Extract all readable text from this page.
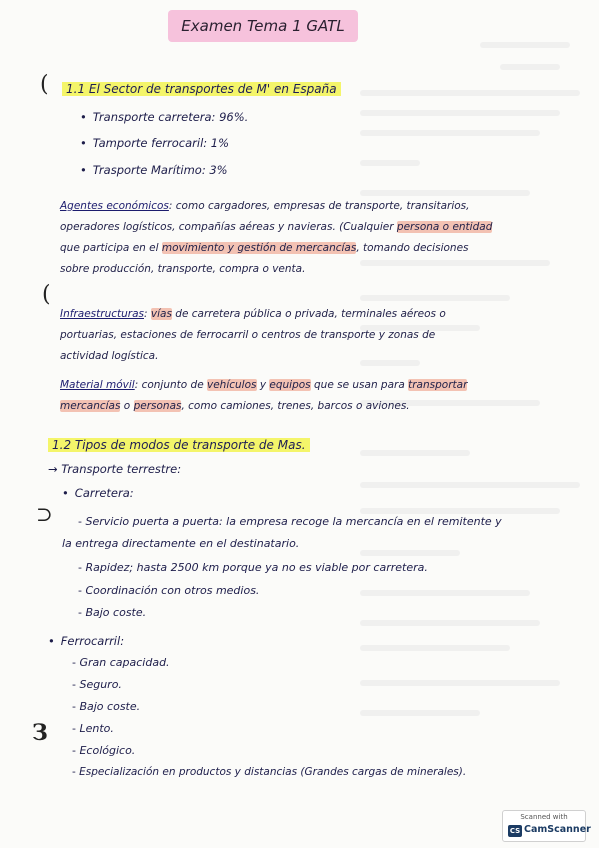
Examen Tema 1 GATL
(	1.1 El Sector de transportes de M' en España
• Transporte carretera: 96%.
• Tamporte ferrocaril: 1%
• Trasporte Marítimo: 3%
Agentes económicos: como cargadores, empresas de transporte, transitarios,
operadores logísticos, compañías aéreas y navieras. (Cualquier persona o entidad
que participa en el movimiento y gestión de mercancías, tomando decisiones
sobre producción, transporte, compra o venta.
(
Infraestructuras: vías de carretera pública o privada, terminales aéreos o
portuarias, estaciones de ferrocarril o centros de transporte y zonas de
actividad logística.
Material móvil: conjunto de vehículos y equipos que se usan para transportar
mercancías o personas, como camiones, trenes, barcos o aviones.
1.2 Tipos de modos de transporte de Mas.
→ Transporte terrestre:
• Carretera:
⊃
-	Servicio puerta a puerta: la empresa recoge la mercancía en el remitente y
la entrega directamente en el destinatario.
- Rapidez; hasta 2500 km porque ya no es viable por carretera.
- Coordinación con otros medios.
- Bajo coste.
• Ferrocarril:
- Gran capacidad.
- Seguro.
- Bajo coste.
- Lento.
З
- Ecológico.
- Especialización en productos y distancias (Grandes cargas de minerales).
Scanned with
CS CamScanner
